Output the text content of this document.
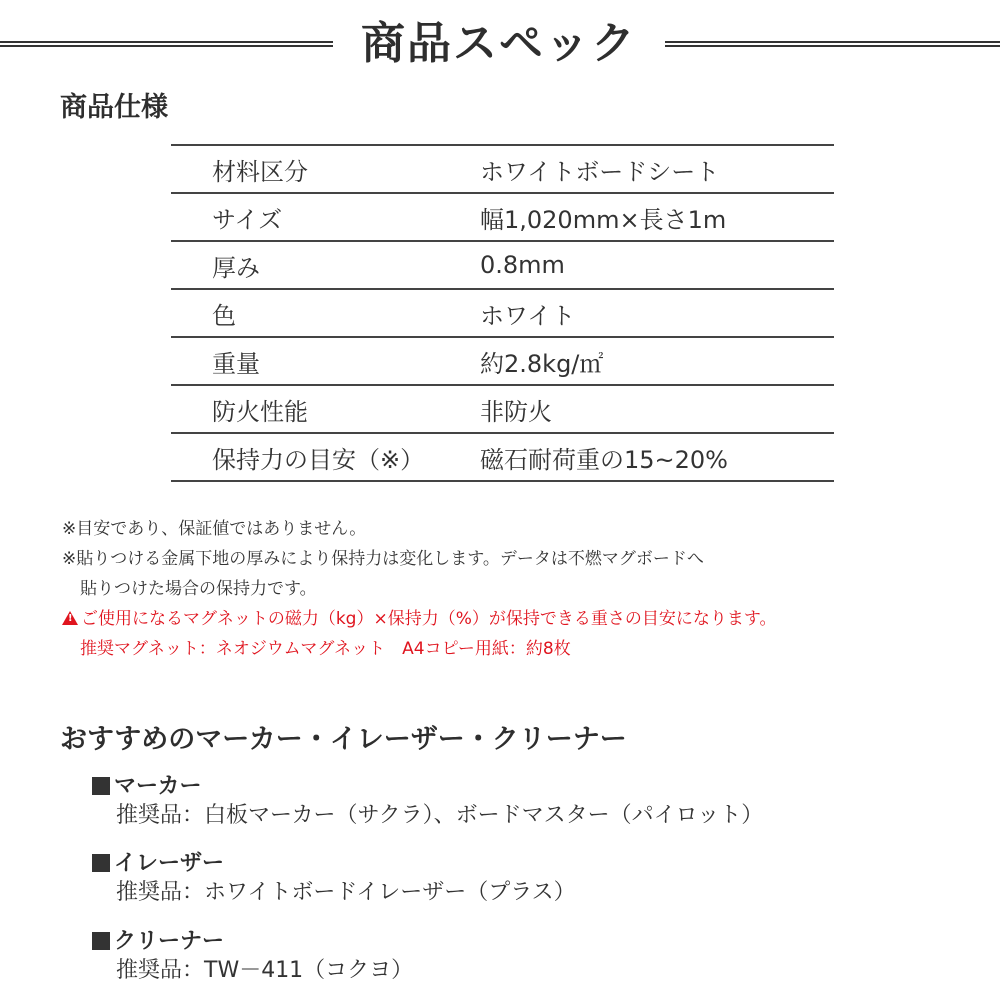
商品スペック
商品仕様
材料区分	ホワイトボードシート
サイズ	幅1,020mm×長さ1m
厚み	0.8mm
色	ホワイト
重量	約2.8kg/㎡
防火性能	非防火
保持力の目安（※）	磁石耐荷重の15~20%
※目安であり、保証値ではありません。
※貼りつける金属下地の厚みにより保持力は変化します。データは不燃マグボードへ
貼りつけた場合の保持力です。
!ご使用になるマグネットの磁力（kg）×保持力（%）が保持できる重さの目安になります。
推奨マグネット：ネオジウムマグネット　A4コピー用紙：約8枚
おすすめのマーカー・イレーザー・クリーナー
マーカー
推奨品：白板マーカー（サクラ）、ボードマスター（パイロット）
イレーザー
推奨品：ホワイトボードイレーザー（プラス）
クリーナー
推奨品：TW－411（コクヨ）
